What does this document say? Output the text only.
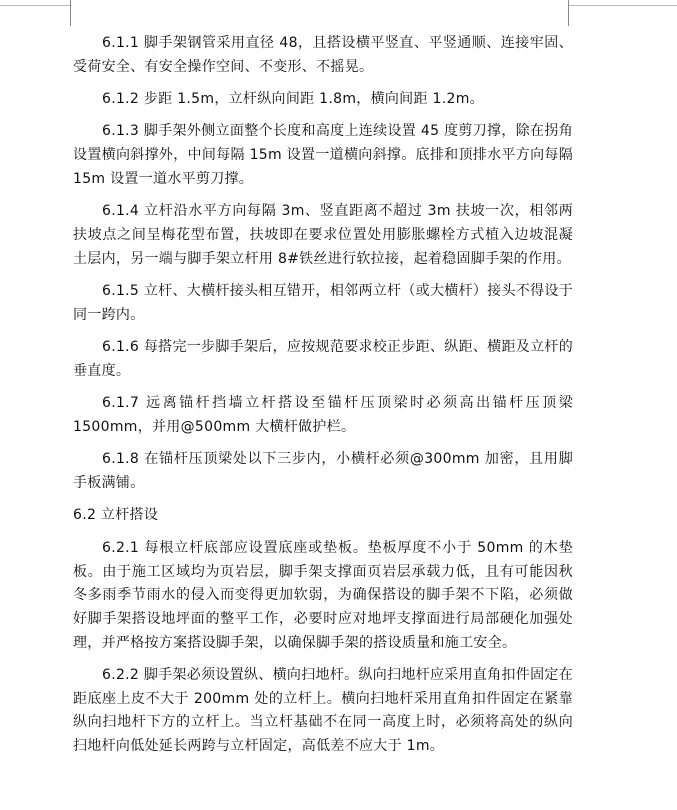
6.1.1 脚手架钢管采用直径 48，且搭设横平竖直、平竖通顺、连接牢固、受荷安全、有安全操作空间、不变形、不摇晃。

6.1.2 步距 1.5m，立杆纵向间距 1.8m，横向间距 1.2m。

6.1.3 脚手架外侧立面整个长度和高度上连续设置 45 度剪刀撑，除在拐角设置横向斜撑外，中间每隔 15m 设置一道横向斜撑。底排和顶排水平方向每隔 15m 设置一道水平剪刀撑。

6.1.4 立杆沿水平方向每隔 3m、竖直距离不超过 3m 扶坡一次，相邻两扶坡点之间呈梅花型布置，扶坡即在要求位置处用膨胀螺栓方式植入边坡混凝土层内，另一端与脚手架立杆用 8#铁丝进行软拉接，起着稳固脚手架的作用。

6.1.5 立杆、大横杆接头相互错开，相邻两立杆（或大横杆）接头不得设于同一跨内。

6.1.6 每搭完一步脚手架后，应按规范要求校正步距、纵距、横距及立杆的垂直度。

6.1.7 远离锚杆挡墙立杆搭设至锚杆压顶梁时必须高出锚杆压顶梁 1500mm，并用@500mm 大横杆做护栏。

6.1.8 在锚杆压顶梁处以下三步内，小横杆必须@300mm 加密，且用脚手板满铺。

6.2 立杆搭设

6.2.1 每根立杆底部应设置底座或垫板。垫板厚度不小于 50mm 的木垫板。由于施工区域均为页岩层，脚手架支撑面页岩层承载力低，且有可能因秋冬多雨季节雨水的侵入而变得更加软弱，为确保搭设的脚手架不下陷，必须做好脚手架搭设地坪面的整平工作，必要时应对地坪支撑面进行局部硬化加强处理，并严格按方案搭设脚手架，以确保脚手架的搭设质量和施工安全。

6.2.2 脚手架必须设置纵、横向扫地杆。纵向扫地杆应采用直角扣件固定在距底座上皮不大于 200mm 处的立杆上。横向扫地杆采用直角扣件固定在紧靠纵向扫地杆下方的立杆上。当立杆基础不在同一高度上时，必须将高处的纵向扫地杆向低处延长两跨与立杆固定，高低差不应大于 1m。
